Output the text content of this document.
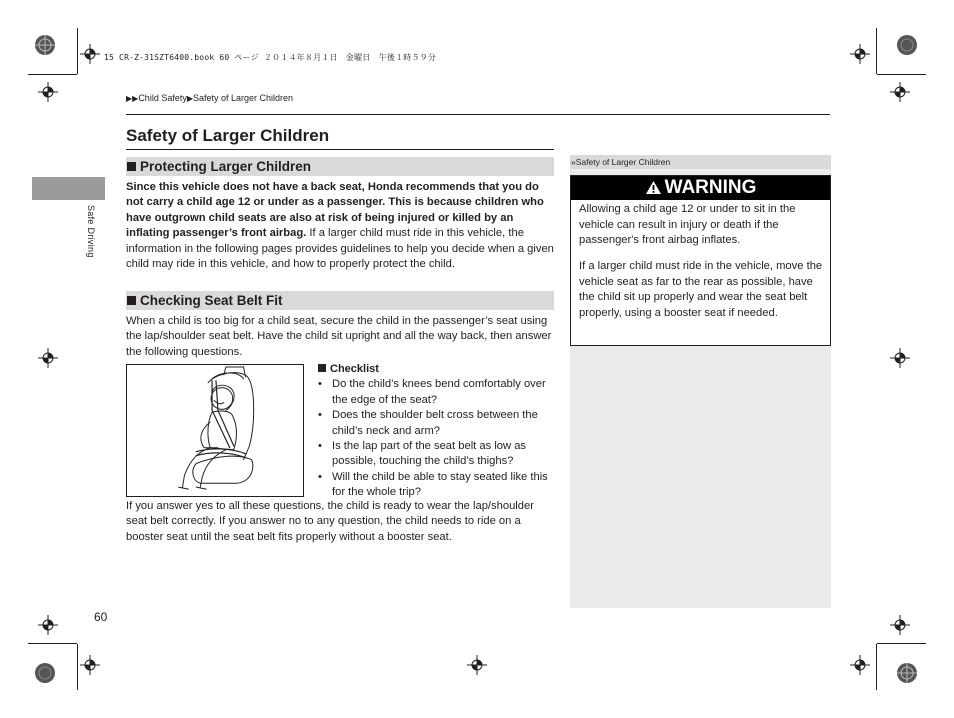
15 CR-Z-31SZT6400.book 60 ページ ２０１４年８月１日　金曜日　午後１時５９分
▶▶Child Safety▶Safety of Larger Children
Safe Driving
Safety of Larger Children
Protecting Larger Children
Since this vehicle does not have a back seat, Honda recommends that you do not carry a child age 12 or under as a passenger. This is because children who have outgrown child seats are also at risk of being injured or killed by an inflating passenger’s front airbag. If a larger child must ride in this vehicle, the information in the following pages provides guidelines to help you decide when a given child may ride in this vehicle, and how to properly protect the child.
Checking Seat Belt Fit
When a child is too big for a child seat, secure the child in the passenger’s seat using the lap/shoulder seat belt. Have the child sit upright and all the way back, then answer the following questions.
Checklist
• Do the child’s knees bend comfortably over the edge of the seat?
• Does the shoulder belt cross between the child’s neck and arm?
• Is the lap part of the seat belt as low as possible, touching the child’s thighs?
• Will the child be able to stay seated like this for the whole trip?
If you answer yes to all these questions, the child is ready to wear the lap/shoulder seat belt correctly. If you answer no to any question, the child needs to ride on a booster seat until the seat belt fits properly without a booster seat.
»Safety of Larger Children
WARNING
Allowing a child age 12 or under to sit in the vehicle can result in injury or death if the passenger's front airbag inflates.
If a larger child must ride in the vehicle, move the vehicle seat as far to the rear as possible, have the child sit up properly and wear the seat belt properly, using a booster seat if needed.
60
